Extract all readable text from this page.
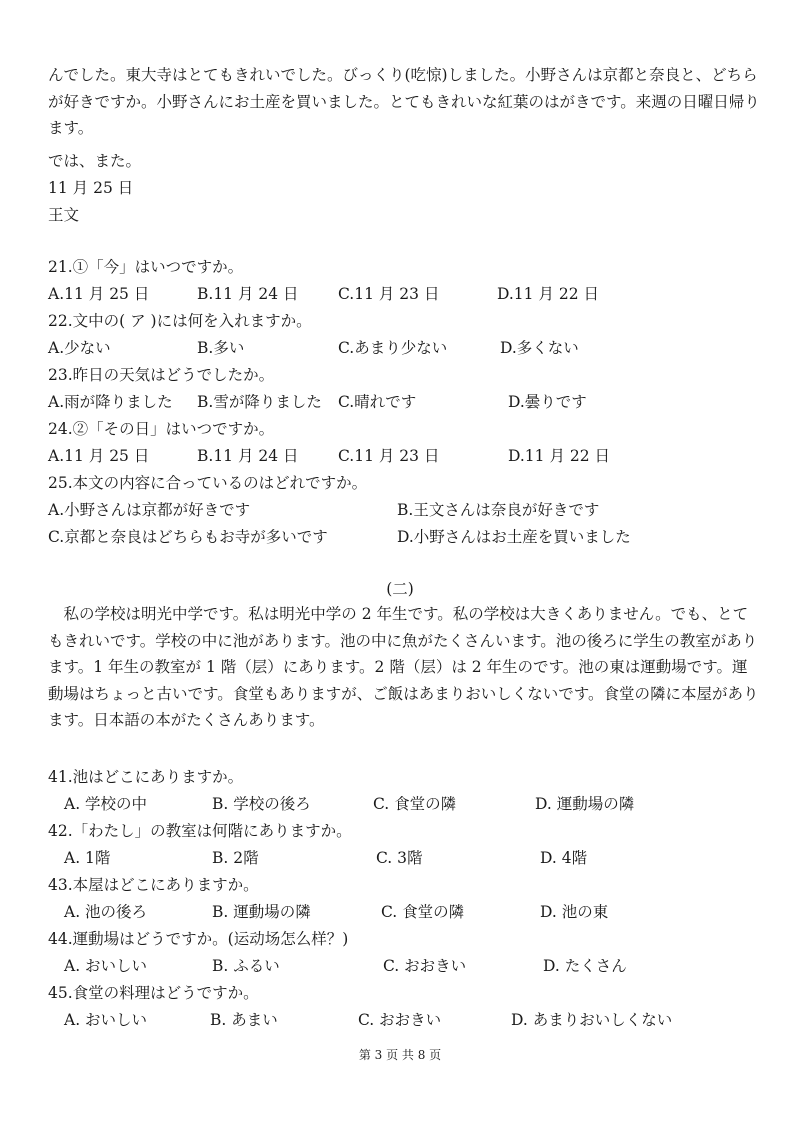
んでした。東大寺はとてもきれいでした。びっくり(吃惊)しました。小野さんは京都と奈良と、どちらが好きですか。小野さんにお土産を買いました。とてもきれいな紅葉のはがきです。来週の日曜日帰ります。
では、また。
11 月 25 日
王文
21.①「今」はいつですか。
A.11 月 25 日	B.11 月 24 日	C.11 月 23 日	D.11 月 22 日
22.文中の( ア )には何を入れますか。
A.少ない	B.多い	C.あまり少ない	D.多くない
23.昨日の天気はどうでしたか。
A.雨が降りました B.雪が降りました C.晴れです	D.曇りです
24.②「その日」はいつですか。
A.11 月 25 日	B.11 月 24 日	C.11 月 23 日	D.11 月 22 日
25.本文の内容に合っているのはどれですか。
A.小野さんは京都が好きです	B.王文さんは奈良が好きです
C.京都と奈良はどちらもお寺が多いです	D.小野さんはお土産を買いました
(二)
私の学校は明光中学です。私は明光中学の 2 年生です。私の学校は大きくありません。でも、とてもきれいです。学校の中に池があります。池の中に魚がたくさんいます。池の後ろに学生の教室があります。1 年生の教室が 1 階（层）にあります。2 階（层）は 2 年生のです。池の東は運動場です。運動場はちょっと古いです。食堂もありますが、ご飯はあまりおいしくないです。食堂の隣に本屋があります。日本語の本がたくさんあります。
41.池はどこにありますか。
A. 学校の中	B. 学校の後ろ	C. 食堂の隣	D. 運動場の隣
42.「わたし」の教室は何階にありますか。
A. 1階	B. 2階	C. 3階	D. 4階
43.本屋はどこにありますか。
A. 池の後ろ	B. 運動場の隣	C. 食堂の隣	D. 池の東
44.運動場はどうですか。(运动场怎么样？)
A. おいしい	B. ふるい	C. おおきい	D. たくさん
45.食堂の料理はどうですか。
A. おいしい	B. あまい	C. おおきい	D. あまりおいしくない
第 3 页 共 8 页
